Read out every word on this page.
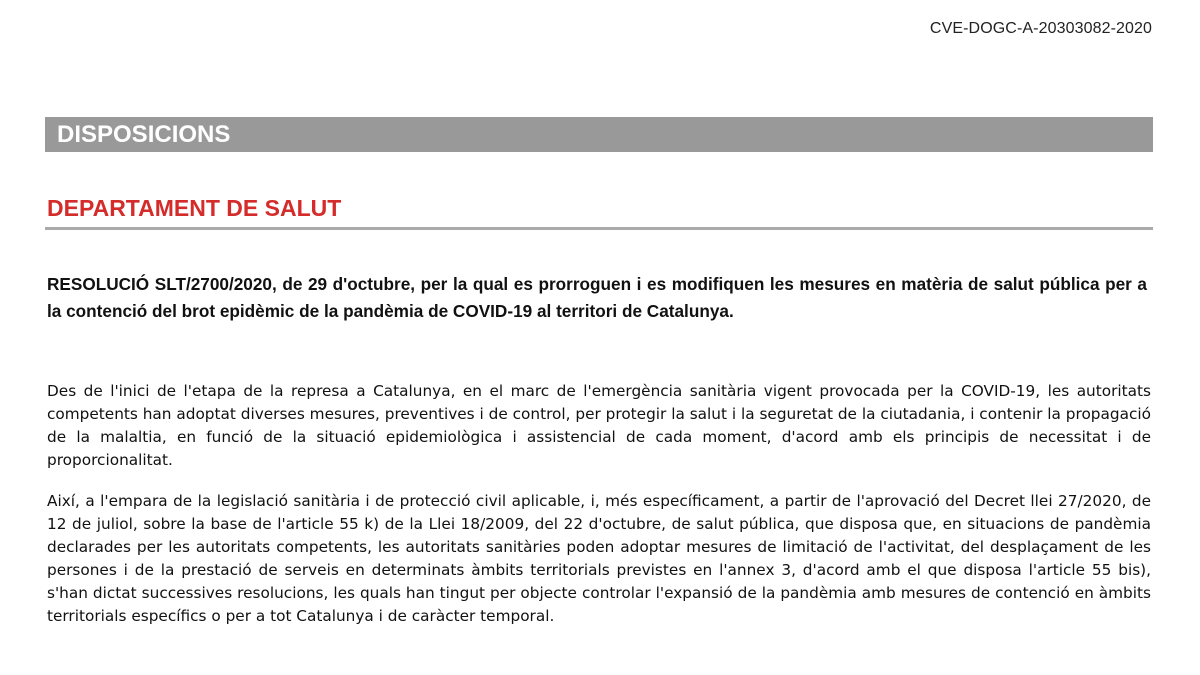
CVE-DOGC-A-20303082-2020
DISPOSICIONS
DEPARTAMENT DE SALUT
RESOLUCIÓ SLT/2700/2020, de 29 d'octubre, per la qual es prorroguen i es modifiquen les mesures en matèria de salut pública per a la contenció del brot epidèmic de la pandèmia de COVID-19 al territori de Catalunya.

Des de l'inici de l'etapa de la represa a Catalunya, en el marc de l'emergència sanitària vigent provocada per la COVID-19, les autoritats competents han adoptat diverses mesures, preventives i de control, per protegir la salut i la seguretat de la ciutadania, i contenir la propagació de la malaltia, en funció de la situació epidemiològica i assistencial de cada moment, d'acord amb els principis de necessitat i de proporcionalitat.

Així, a l'empara de la legislació sanitària i de protecció civil aplicable, i, més específicament, a partir de l'aprovació del Decret llei 27/2020, de 12 de juliol, sobre la base de l'article 55 k) de la Llei 18/2009, del 22 d'octubre, de salut pública, que disposa que, en situacions de pandèmia declarades per les autoritats competents, les autoritats sanitàries poden adoptar mesures de limitació de l'activitat, del desplaçament de les persones i de la prestació de serveis en determinats àmbits territorials previstes en l'annex 3, d'acord amb el que disposa l'article 55 bis), s'han dictat successives resolucions, les quals han tingut per objecte controlar l'expansió de la pandèmia amb mesures de contenció en àmbits territorials específics o per a tot Catalunya i de caràcter temporal.
